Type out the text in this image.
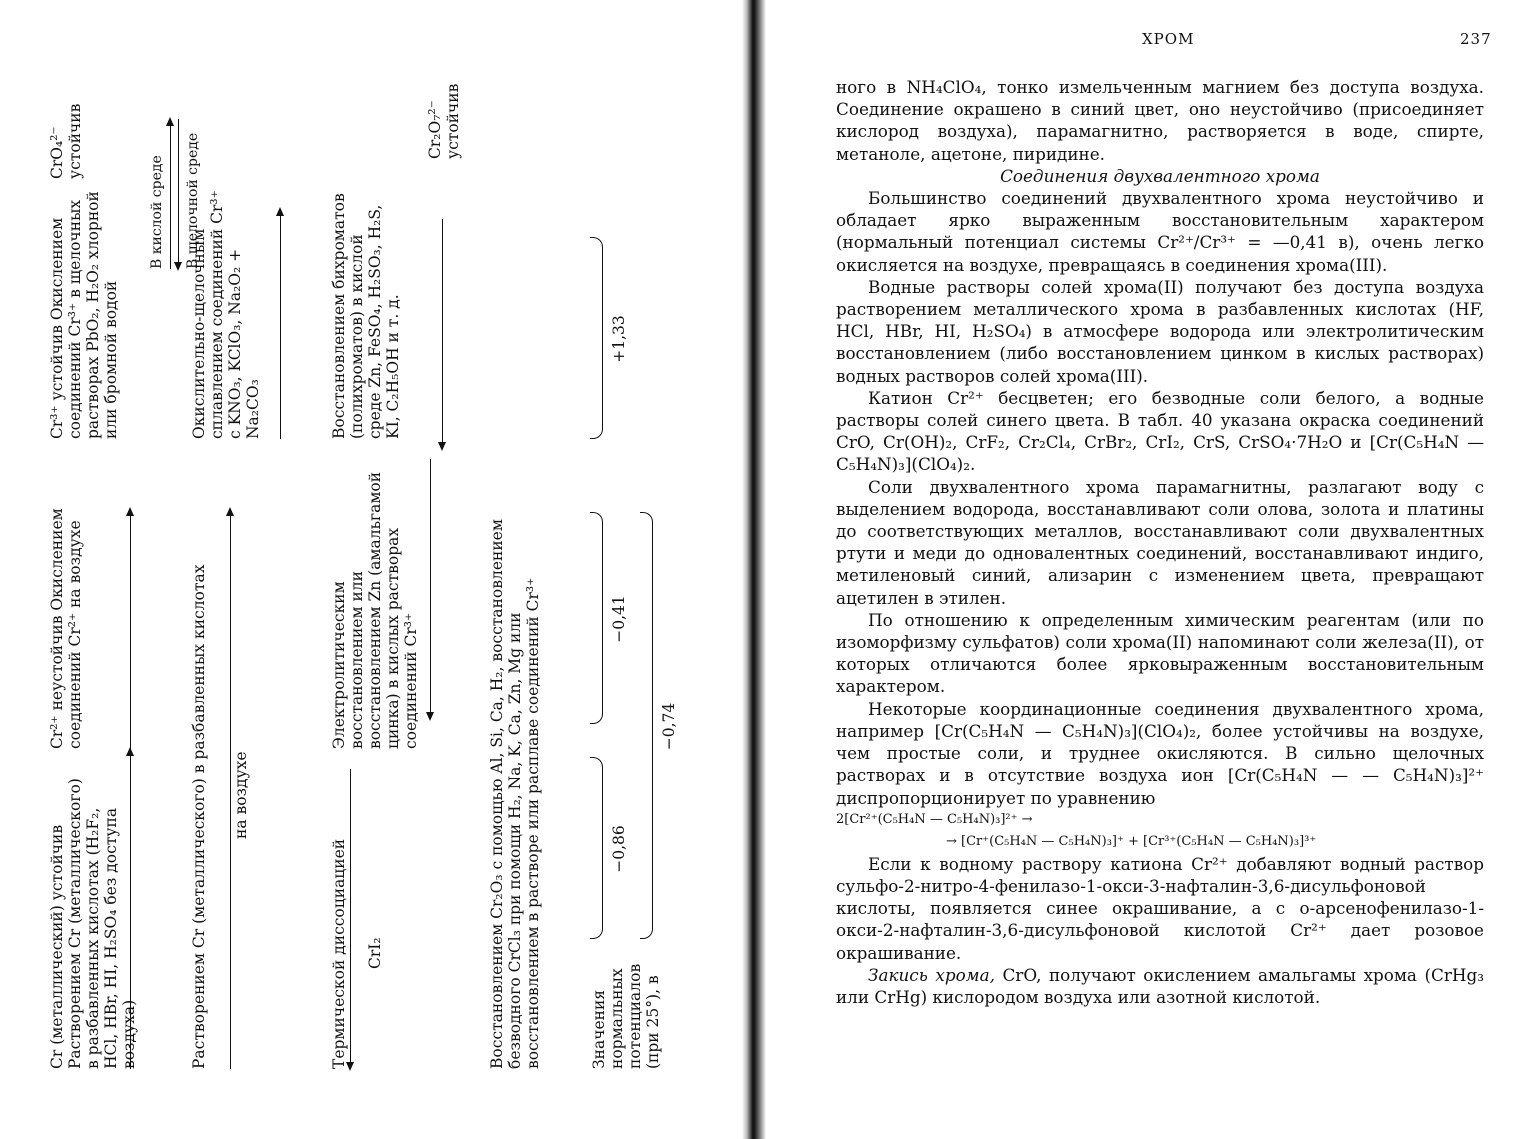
Cr (металлический) устойчив Растворением Cr (металлического) в разбавленных кислотах (H₂F₂, HCl, HBr, HI, H₂SO₄ без доступа воздуха)
Cr²⁺ неустойчив Окислением соединений Cr²⁺ на воздухе
Cr³⁺ устойчив Окислением соединений Cr³⁺ в щелочных растворах PbO₂, H₂O₂ хлорной или бромной водой
CrO₄²⁻ устойчив
В кислой среде В щелочной среде
Растворением Cr (металлического) в разбавленных кислотах на воздухе
Окислительно-щелочным сплавлением соединений Cr³⁺ с KNO₃, KClO₃, Na₂O₂ + Na₂CO₃
Термической диссоциацией CrI₂
Электролитическим восстановлением или восстановлением Zn (амальгамой цинка) в кислых растворах соединений Cr³⁺
Восстановлением бихроматов (полихроматов) в кислой среде Zn, FeSO₄, H₂SO₃, H₂S, KI, C₂H₅OH и т. д.
Cr₂O₇²⁻ устойчив
Восстановлением Cr₂O₃ с помощью Al, Si, Ca, H₂, восстановлением безводного CrCl₃ при помощи H₂, Na, K, Ca, Zn, Mg или восстановлением в растворе или расплаве соединений Cr³⁺	Значения нормальных потенциалов (при 25°), в
−0,86
−0,41
+1,33
−0,74
ХРОМ	237

ного в NH₄ClO₄, тонко измельченным магнием без доступа воздуха. Соединение окрашено в синий цвет, оно неустойчиво (присоединяет кислород воздуха), парамагнитно, растворяется в воде, спирте, метаноле, ацетоне, пиридине.

Соединения двухвалентного хрома

Большинство соединений двухвалентного хрома неустойчиво и обладает ярко выраженным восстановительным характером (нормальный потенциал системы Cr²⁺/Cr³⁺ = —0,41 в), очень легко окисляется на воздухе, превращаясь в соединения хрома(III).

Водные растворы солей хрома(II) получают без доступа воздуха растворением металлического хрома в разбавленных кислотах (HF, HCl, HBr, HI, H₂SO₄) в атмосфере водорода или электролитическим восстановлением (либо восстановлением цинком в кислых растворах) водных растворов солей хрома(III).

Катион Cr²⁺ бесцветен; его безводные соли белого, а водные растворы солей синего цвета. В табл. 40 указана окраска соединений CrO, Cr(OH)₂, CrF₂, Cr₂Cl₄, CrBr₂, CrI₂, CrS, CrSO₄·7H₂O и [Cr(C₅H₄N — C₅H₄N)₃](ClO₄)₂.

Соли двухвалентного хрома парамагнитны, разлагают воду с выделением водорода, восстанавливают соли олова, золота и платины до соответствующих металлов, восстанавливают соли двухвалентных ртути и меди до одновалентных соединений, восстанавливают индиго, метиленовый синий, ализарин с изменением цвета, превращают ацетилен в этилен.

По отношению к определенным химическим реагентам (или по изоморфизму сульфатов) соли хрома(II) напоминают соли железа(II), от которых отличаются более ярковыраженным восстановительным характером.

Некоторые координационные соединения двухвалентного хрома, например [Cr(C₅H₄N — C₅H₄N)₃](ClO₄)₂, более устойчивы на воздухе, чем простые соли, и труднее окисляются. В сильно щелочных растворах и в отсутствие воздуха ион [Cr(C₅H₄N — — C₅H₄N)₃]²⁺ диспропорционирует по уравнению

2[Cr²⁺(C₅H₄N — C₅H₄N)₃]²⁺ →

→ [Cr⁺(C₅H₄N — C₅H₄N)₃]⁺ + [Cr³⁺(C₅H₄N — C₅H₄N)₃]³⁺

Если к водному раствору катиона Cr²⁺ добавляют водный раствор сульфо-2-нитро-4-фенилазо-1-окси-3-нафталин-3,6-дисульфоновой кислоты, появляется синее окрашивание, а с o-арсенофенилазо-1-окси-2-нафталин-3,6-дисульфоновой кислотой Cr²⁺ дает розовое окрашивание.

Закись хрома, CrO, получают окислением амальгамы хрома (CrHg₃ или CrHg) кислородом воздуха или азотной кислотой.
